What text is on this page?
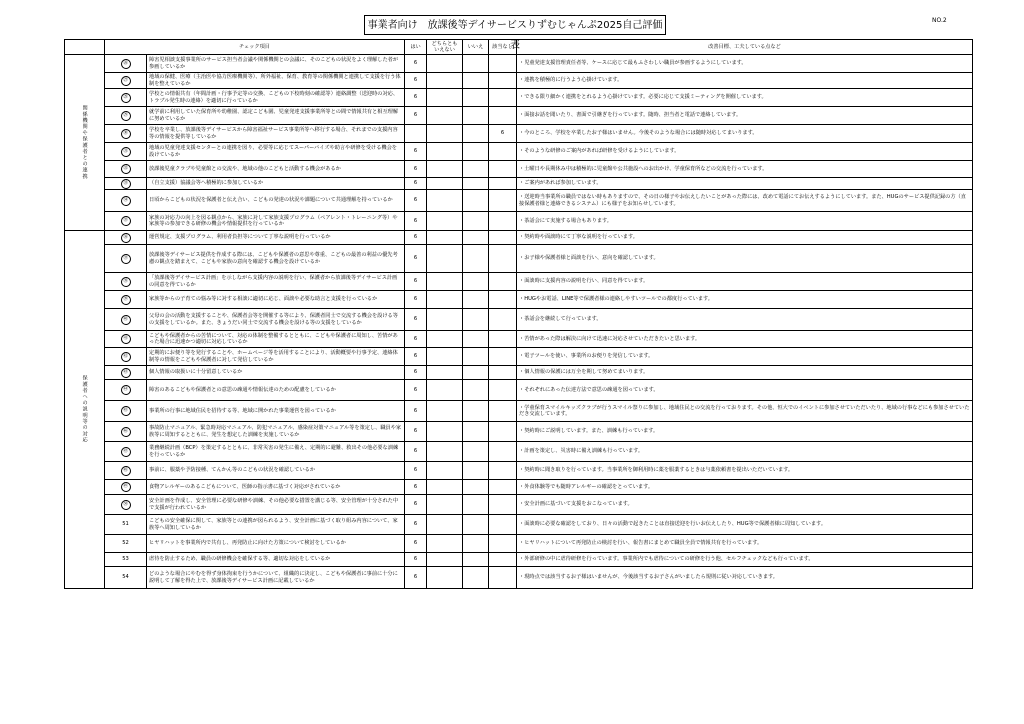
事業者向け　放課後等デイサービスりずむじゃんぷ2025自己評価表
NO.2
	チェック項目		はい	どちらともいえない	いいえ	該当なし	改善目標、工夫している点など
関係機関や保護者との連携	㉖	障害児相談支援事業所のサービス担当者会議や関係機関との会議に、そのこどもの状況をよく理解した者が参画しているか	6				・児童発達支援管理責任者等、ケースに応じて最もふさわしい職員が参画するようにしています。
	㉗	地域の保健、医療（主治医や協力医療機関等）、所外福祉、保育、教育等の関係機関と連携して支援を行う体制を整えているか	6				・連携を積極的に行うよう心掛けています。
	㉘	学校との情報共有（年間計画・行事予定等の交換、こどもの下校時刻の確認等）連絡調整（送迎時の対応、トラブル発生時の連絡）を適切に行っているか	6				・できる限り細かく連携をとれるよう心掛けています。必要に応じて支援ミーティングを開催しています。
	㉙	就学前に利用していた保育所や幼稚園、認定こども園、児童発達支援事業所等との間で情報共有と相互理解に努めているか	6				・面接お話を聞いたり、書面で引継ぎを行っています。随時、担当者と電話で連絡しています。
	㉚	学校を卒業し、放課後等デイサービスから障害福祉サービス事業所等へ移行する場合、それまでの支援内容等の情報を提供等しているか				6	・今のところ、学校を卒業したお子様はいません。今後そのような場合には随時対応してまいります。
	㉛	地域の児童発達支援センターとの連携を図り、必要等に応じてスーパーバイズや助言や研修を受ける機会を設けているか	6				・そのような研修のご案内があれば研修を受けるようにしています。
	㉜	放課後児童クラブや児童館との交流や、地域の他のこどもと活動する機会があるか	6				・土曜日や長期休み中は積極的に児童館や公共施設へのお出かけ、学童保育所などの交流を行っています。
	㉝	（自立支援）協議会等へ積極的に参加しているか	6				・ご案内があれば参加しています。
	㉞	日頃からこどもの状況を保護者と伝え合い、こどもの発達の状況や課題について共通理解を持っているか	6				・送迎時当事業所の職員ではない時もありますので、その日の様子やお伝えしたいことがあった際には、改めて電話にてお伝えするようにしています。また、HUGのサービス提供記録の方（直接保護者様と連絡できるシステム）にも様子をお知らせしています。
	㉟	家族の対応力の向上を図る観点から、家族に対して家族支援プログラム（ペアレント・トレーニング等）や家族等の参加できる研修の機会や情報提供を行っているか	6				・茶話会にて実施する場合もあります。
保護者への説明等の対応	㊱	運営規定、支援プログラム、利用者負担等について丁寧な説明を行っているか	6				・契約時や面談時にて丁寧な説明を行っています。
	㊲	放課後等デイサービス提供を作成する際には、こどもや保護者の意思や尊重、こどもの最善の利益の優先考慮の観点を踏まえて、こどもや家族の意向を確認する機会を設けているか	6				・お子様や保護者様と面談を行い、意向を確認しています。
	㊳	「放課後等デイサービス計画」を示しながら支援内容の説明を行い、保護者から放課後等デイサービス計画の同意を得ているか	6				・面談時に支援内容の説明を行い、同意を得ています。
	㊴	家族等からの子育ての悩み等に対する相談に適切に応じ、面談や必要な助言と支援を行っているか	6				・HUGやお電話、LINE等で保護者様の連絡しやすいツールでの都度行っています。
	㊵	父母の会の活動を支援することや、保護者会等を開催する等により、保護者同士で交流する機会を設ける等の支援をしているか。また、きょうだい同士で交流する機会を設ける等の支援をしているか	6				・茶話会を継続して行っています。
	㊶	こどもや保護者からの苦情について、対応の体制を整備するとともに、こどもや保護者に周知し、苦情があった場合に迅速かつ適切に対応しているか	6				・苦情があった際は解決に向けて迅速に対応させていただきたいと思います。
	㊷	定期的にお便り等を発行することや、ホームページ等を活用することにより、活動概要や行事予定、連絡体制等の情報をこどもや保護者に対して発信しているか	6				・電子ツールを使い、事業所のお便りを発信しています。
	㊸	個人情報の取扱いに十分留意しているか	6				・個人情報の保護には万全を期して努めてまいります。
	㊹	障害のあるこどもや保護者との意思の疎通や情報伝達のための配慮をしているか	6				・それぞれにあった伝達方法で意思の疎通を図っています。
	㊺	事業所の行事に地域住民を招待する等、地域に開かれた事業運営を図っているか	6				・学童保育スマイルキッズクラブが行うスマイル祭りに参加し、地域住民との交流を行っております。その他、恒大でのイベントに参加させていただいたり、地域の行事などにも参加させていただき交流しています。
	㊻	事故防止マニュアル、緊急時対応マニュアル、防犯マニュアル、感染症対策マニュアル等を策定し、職員や家族等に周知するとともに、発生を想定した訓練を実施しているか	6				・契約時にご説明しています。また、訓練も行っています。
	㊼	業務継続計画（BCP）を策定するとともに、非常災害の発生に備え、定期的に避難、救出その他必要な訓練を行っているか	6				・計画を策定し、災害時に備え訓練も行っています。
	㊽	事前に、服薬や予防接種、てんかん等のこどもの状況を確認しているか	6				・契約時に聞き取りを行っています。当事業所を御利用時に薬を服薬するときは与薬依頼書を提出いただいています。
	㊾	食物アレルギーのあるこどもについて、医師の指示書に基づく対応がされているか	6				・外食体験等でも随時アレルギーの確認をとっています。
	㊿	安全計画を作成し、安全管理に必要な研修や訓練、その他必要な措置を講じる等、安全管理が十分された中で支援が行われているか	6				・安全計画に基づいて支援をおこなっています。
	51	こどもの安全確保に関して、家族等との連携が図られるよう、安全計画に基づく取り組み内容について、家族等へ周知しているか	6				・面談時に必要な確認をしており、日々の活動で起きたことは直接送迎を行いお伝えしたり、HUG等で保護者様に周知しています。
	52	ヒヤリハットを事業所内で共有し、再発防止に向けた方策について検討をしているか	6				・ヒヤリハットについて再発防止の検討を行い、報告書にまとめて職員全員で情報共有を行っています。
	53	虐待を防止するため、職員の研修機会を確保する等、適切な対応をしているか	6				・外部研修の中に虐待研修を行っています。事業所内でも虐待についての研修を行う他、セルフチェックなども行っています。
	54	どのような場合にやむを得ず身体拘束を行うかについて、組織的に決定し、こどもや保護者に事前に十分に説明して了解を得た上で、放課後等デイサービス計画に記載しているか	6				・現時点では該当するお子様はいませんが、今後該当するお子さんがいましたら規則に従い対応していきます。
